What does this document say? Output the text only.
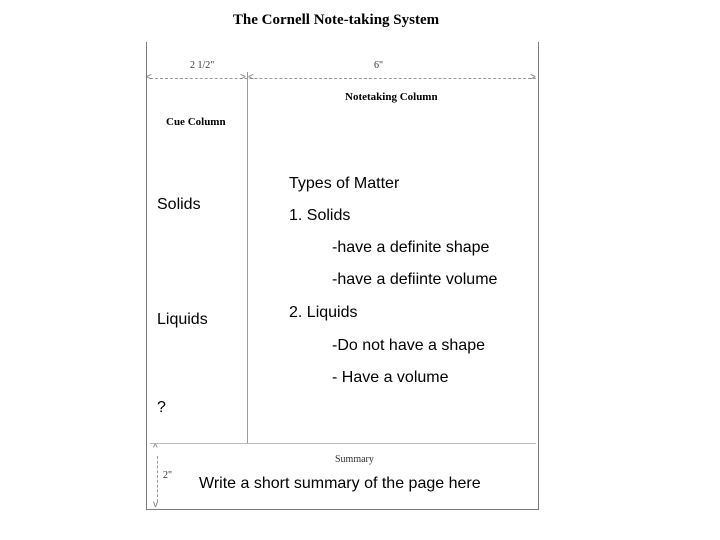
The Cornell Note-taking System
<	> <	>
2 1/2"	6"
Notetaking Column
Cue Column
Solids
Liquids
?
Types of Matter
1. Solids
-have a definite shape
-have a defiinte volume
2. Liquids
-Do not have a shape
- Have a volume
Summary
^
v
2" Write a short summary of the page here
